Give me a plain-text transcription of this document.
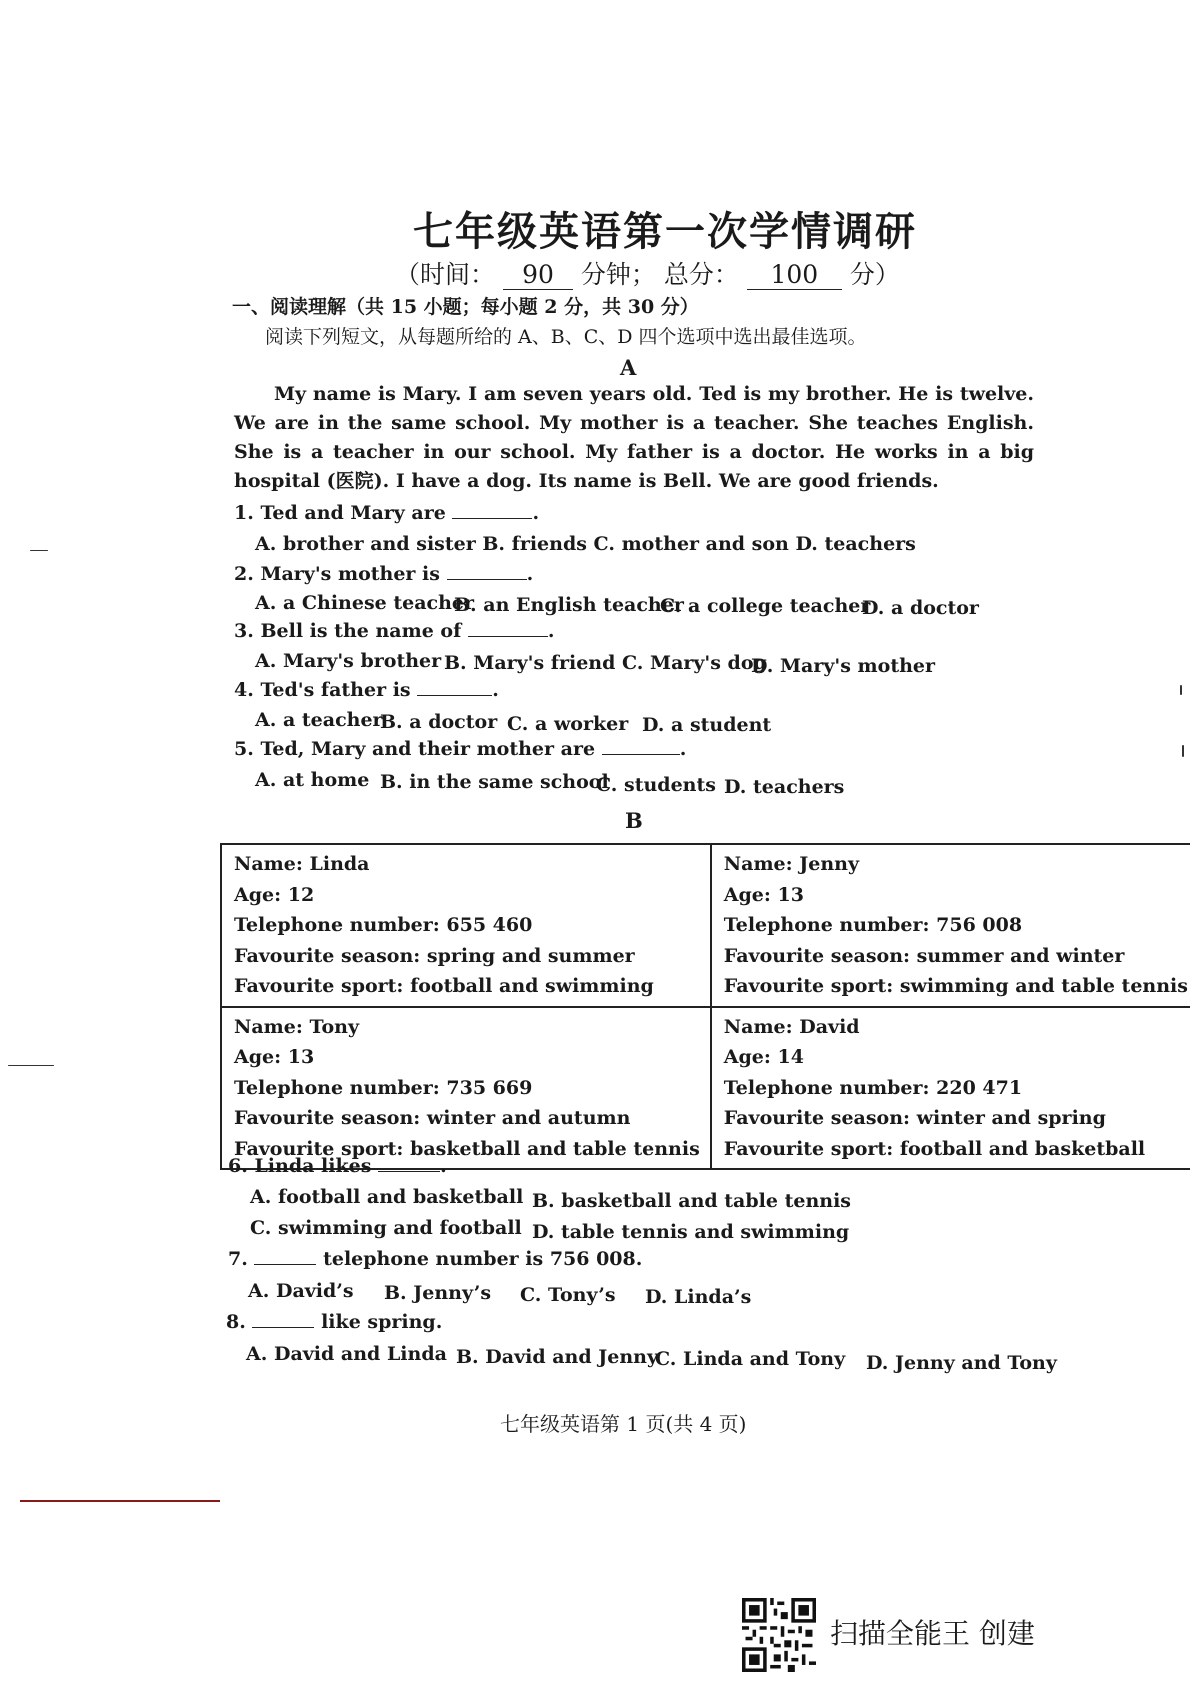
七年级英语第一次学情调研
（时间： 90 分钟； 总分： 100 分）
一、阅读理解（共 15 小题；每小题 2 分，共 30 分）
阅读下列短文，从每题所给的 A、B、C、D 四个选项中选出最佳选项。
A
My name is Mary. I am seven years old. Ted is my brother. He is twelve. We are in the same school. My mother is a teacher. She teaches English. She is a teacher in our school. My father is a doctor. He works in a big hospital (医院). I have a dog. Its name is Bell. We are good friends.
1. Ted and Mary are	.
A. brother and sister B. friends C. mother and son D. teachers
2. Mary's mother is	.
A. a Chinese teacher
B. an English teacher
C. a college teacher
D. a doctor
3. Bell is the name of	.
A. Mary's brother B. Mary's friend C. Mary's dog
D. Mary's mother
4. Ted's father is	.
A. a teacher
B. a doctor C. a worker D. a student
5. Ted, Mary and their mother are	.
A. at home B. in the same school
C. students D. teachers
B
Name: Linda
Age: 12
Telephone number: 655 460
Favourite season: spring and summer
Favourite sport: football and swimming	Name: Jenny
Age: 13
Telephone number: 756 008
Favourite season: summer and winter
Favourite sport: swimming and table tennis

Name: Tony
Age: 13
Telephone number: 735 669
Favourite season: winter and autumn
Favourite sport: basketball and table tennis	Name: David
Age: 14
Telephone number: 220 471
Favourite season: winter and spring
Favourite sport: football and basketball
6. Linda likes	.
A. football and basketball B. basketball and table tennis
C. swimming and football D. table tennis and swimming
7.	telephone number is 756 008.
A. David’s B. Jenny’s C. Tony’s D. Linda’s
8.	like spring.
A. David and Linda B. David and Jenny
C. Linda and Tony D. Jenny and Tony
七年级英语第 1 页(共 4 页)
扫描全能王 创建
